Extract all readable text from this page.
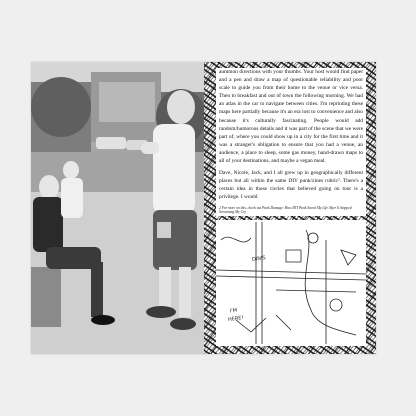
aummon directions with your thumbs. Your host would find paper and a pen and draw a map of questionable reliability and poor scale to guide you from their home to the venue or vice versa. Then to breakfast and out of town the following morning. We had an atlas in the car to navigate between cities. I'm reprinting these maps here partially because it's an era lost to convenience and also because it's culturally fascinating. People would add random/humorous details and it was part of the scene that we were part of, where you could show up in a city for the first time and it was a stranger's obligation to ensure that you had a venue, an audience, a place to sleep, some gas money, hand-drawn maps to all of your destinations, and maybe a vegan meal.

Dave, Nicole, Jack, and I all grew up in geographically different places but all within the same DIY punk/zines rubric². There's a certain idea in those circles that believed going on tour is a privilege. I would

2 For more on this, check out Punk Damage: How DIY Punk Saved My Life After It Stopped Screaming My Cry

DINIS
I'M
HERE!
